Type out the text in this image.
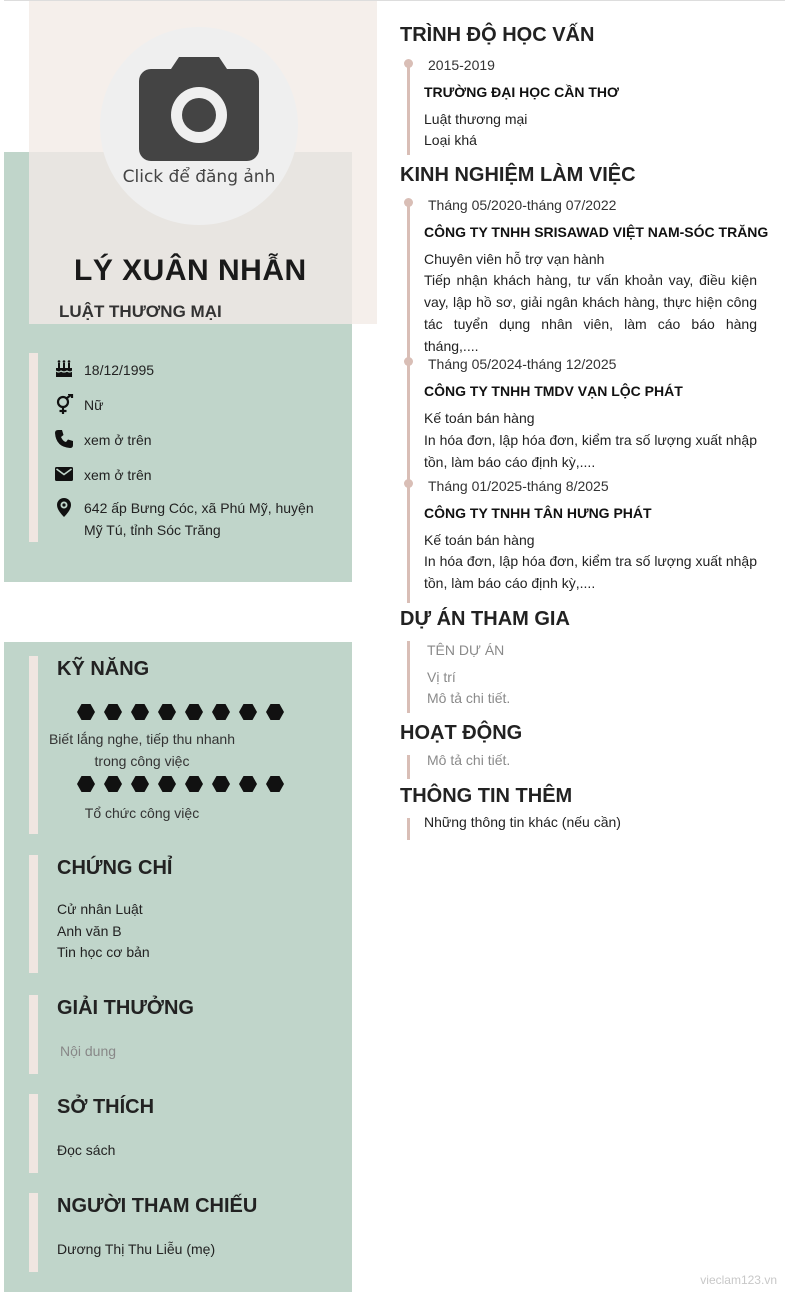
Click để đăng ảnh
LÝ XUÂN NHẪN
LUẬT THƯƠNG MẠI
18/12/1995
Nữ
xem ở trên
xem ở trên
642 ấp Bưng Cóc, xã Phú Mỹ, huyện Mỹ Tú, tỉnh Sóc Trăng
KỸ NĂNG
Biết lắng nghe, tiếp thu nhanh trong công việc
Tổ chức công việc
CHỨNG CHỈ
Cử nhân Luật
Anh văn B
Tin học cơ bản
GIẢI THƯỞNG
Nội dung
SỞ THÍCH
Đọc sách
NGƯỜI THAM CHIẾU
Dương Thị Thu Liễu (mẹ)
TRÌNH ĐỘ HỌC VẤN
2015-2019
TRƯỜNG ĐẠI HỌC CẦN THƠ
Luật thương mại
Loại khá
KINH NGHIỆM LÀM VIỆC
Tháng 05/2020-tháng 07/2022
CÔNG TY TNHH SRISAWAD VIỆT NAM-SÓC TRĂNG
Chuyên viên hỗ trợ vạn hành
Tiếp nhận khách hàng, tư vấn khoản vay, điều kiện vay, lập hồ sơ, giải ngân khách hàng, thực hiện công tác tuyển dụng nhân viên, làm cáo báo hàng tháng,....
Tháng 05/2024-tháng 12/2025
CÔNG TY TNHH TMDV VẠN LỘC PHÁT
Kế toán bán hàng
In hóa đơn, lập hóa đơn, kiểm tra số lượng xuất nhập tồn, làm báo cáo định kỳ,....
Tháng 01/2025-tháng 8/2025
CÔNG TY TNHH TÂN HƯNG PHÁT
Kế toán bán hàng
In hóa đơn, lập hóa đơn, kiểm tra số lượng xuất nhập tồn, làm báo cáo định kỳ,....
DỰ ÁN THAM GIA
TÊN DỰ ÁN
Vị trí
Mô tả chi tiết.
HOẠT ĐỘNG
Mô tả chi tiết.
THÔNG TIN THÊM
Những thông tin khác (nếu cần)
vieclam123.vn
